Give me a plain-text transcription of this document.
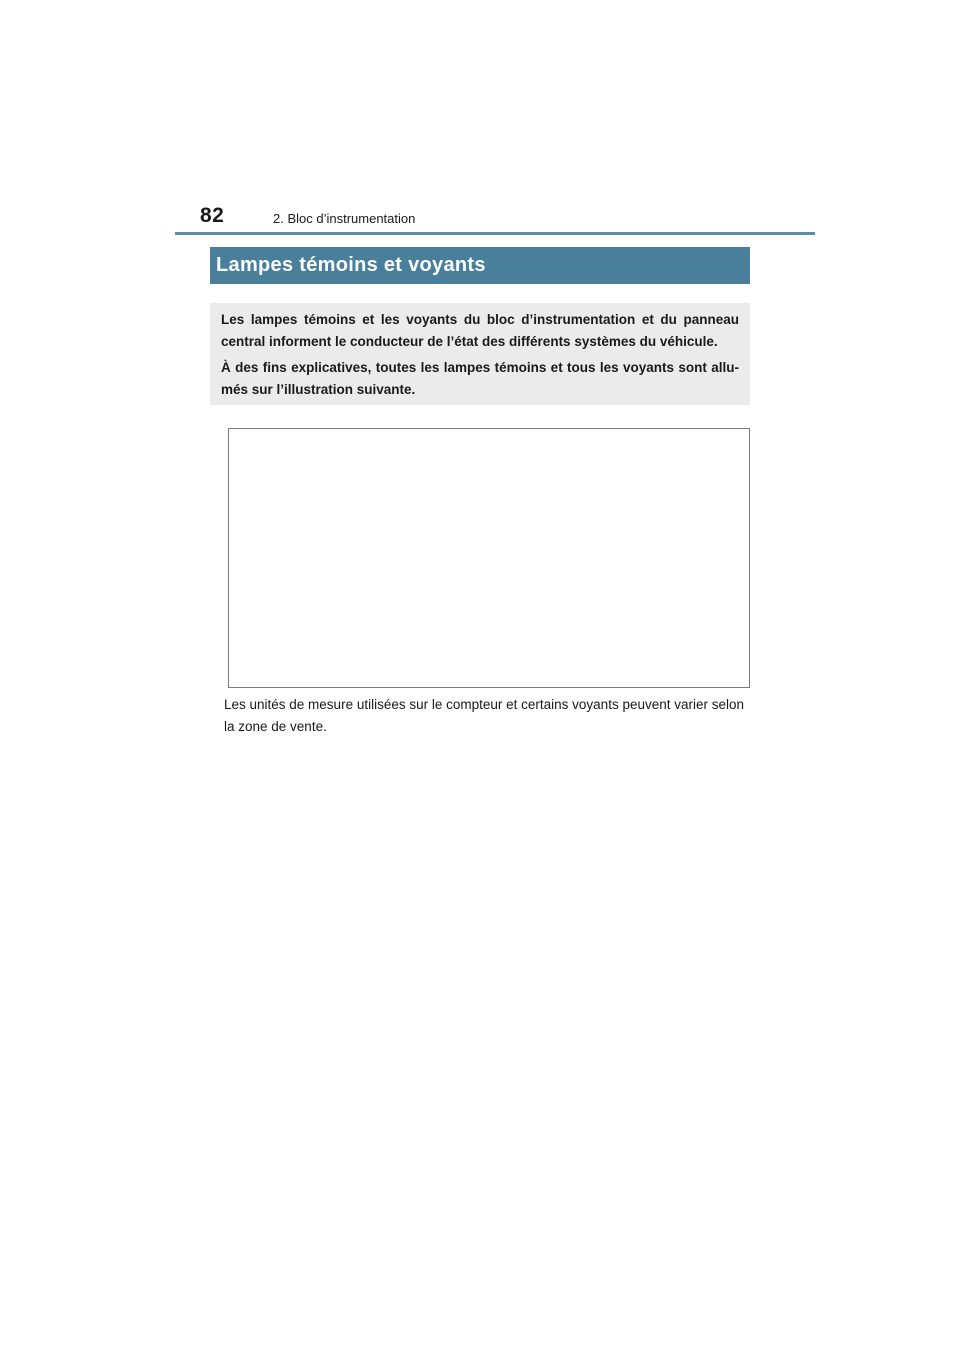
82	2. Bloc d’instrumentation
Lampes témoins et voyants

Les lampes témoins et les voyants du bloc d’instrumentation et du panneau central informent le conducteur de l’état des différents systèmes du véhicule.

À des fins explicatives, toutes les lampes témoins et tous les voyants sont allu- més sur l’illustration suivante.

Les unités de mesure utilisées sur le compteur et certains voyants peuvent varier selon la zone de vente.
